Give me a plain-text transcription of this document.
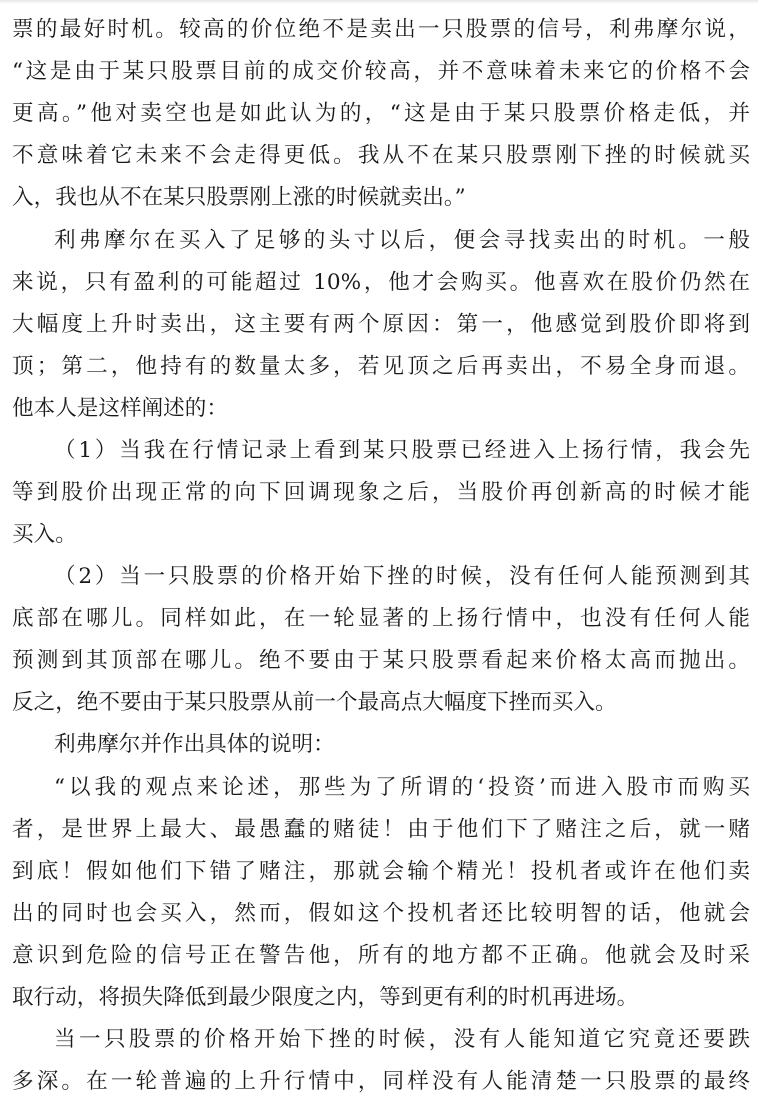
票的最好时机。较高的价位绝不是卖出一只股票的信号，利弗摩尔说，
“这是由于某只股票目前的成交价较高，并不意味着未来它的价格不会
更高。”他对卖空也是如此认为的，“这是由于某只股票价格走低，并
不意味着它未来不会走得更低。我从不在某只股票刚下挫的时候就买
入，我也从不在某只股票刚上涨的时候就卖出。”
利弗摩尔在买入了足够的头寸以后，便会寻找卖出的时机。一般
来说，只有盈利的可能超过 10%，他才会购买。他喜欢在股价仍然在
大幅度上升时卖出，这主要有两个原因：第一，他感觉到股价即将到
顶；第二，他持有的数量太多，若见顶之后再卖出，不易全身而退。
他本人是这样阐述的：
（1）当我在行情记录上看到某只股票已经进入上扬行情，我会先
等到股价出现正常的向下回调现象之后，当股价再创新高的时候才能
买入。
（2）当一只股票的价格开始下挫的时候，没有任何人能预测到其
底部在哪儿。同样如此，在一轮显著的上扬行情中，也没有任何人能
预测到其顶部在哪儿。绝不要由于某只股票看起来价格太高而抛出。
反之，绝不要由于某只股票从前一个最高点大幅度下挫而买入。
利弗摩尔并作出具体的说明：
“以我的观点来论述，那些为了所谓的‘投资’而进入股市而购买
者，是世界上最大、最愚蠢的赌徒！由于他们下了赌注之后，就一赌
到底！假如他们下错了赌注，那就会输个精光！投机者或许在他们卖
出的同时也会买入，然而，假如这个投机者还比较明智的话，他就会
意识到危险的信号正在警告他，所有的地方都不正确。他就会及时采
取行动，将损失降低到最少限度之内，等到更有利的时机再进场。
当一只股票的价格开始下挫的时候，没有人能知道它究竟还要跌
多深。在一轮普遍的上升行情中，同样没有人能清楚一只股票的最终
